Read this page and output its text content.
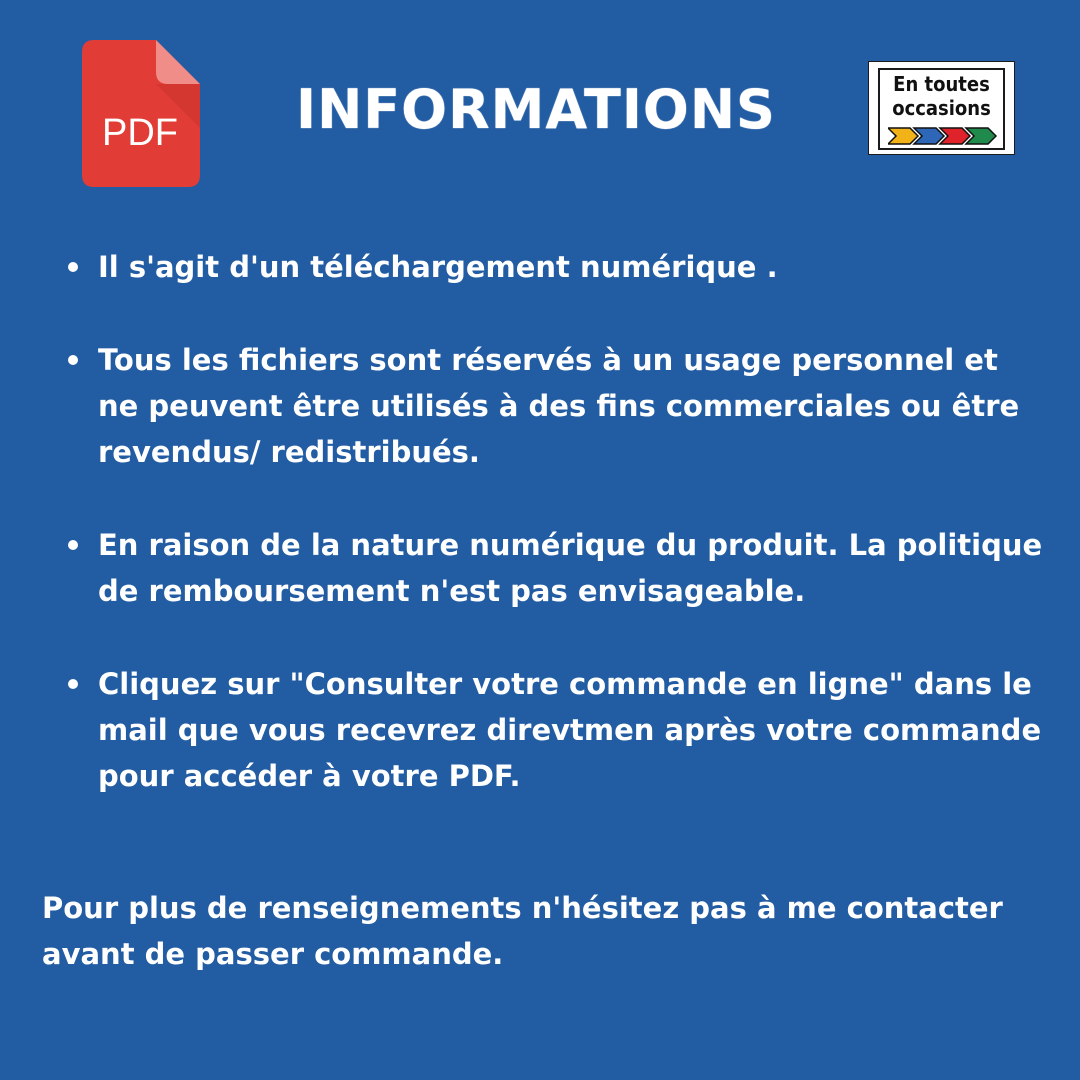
PDF INFORMATIONS	En toutes
occasions
Il s'agit d'un téléchargement numérique .
Tous les fichiers sont réservés à un usage personnel et ne peuvent être utilisés à des fins commerciales ou être revendus/ redistribués.
En raison de la nature numérique du produit. La politique de remboursement n'est pas envisageable.
Cliquez sur "Consulter votre commande en ligne" dans le mail que vous recevrez direvtmen après votre commande pour accéder à votre PDF.
Pour plus de renseignements n'hésitez pas à me contacter avant de passer commande.
